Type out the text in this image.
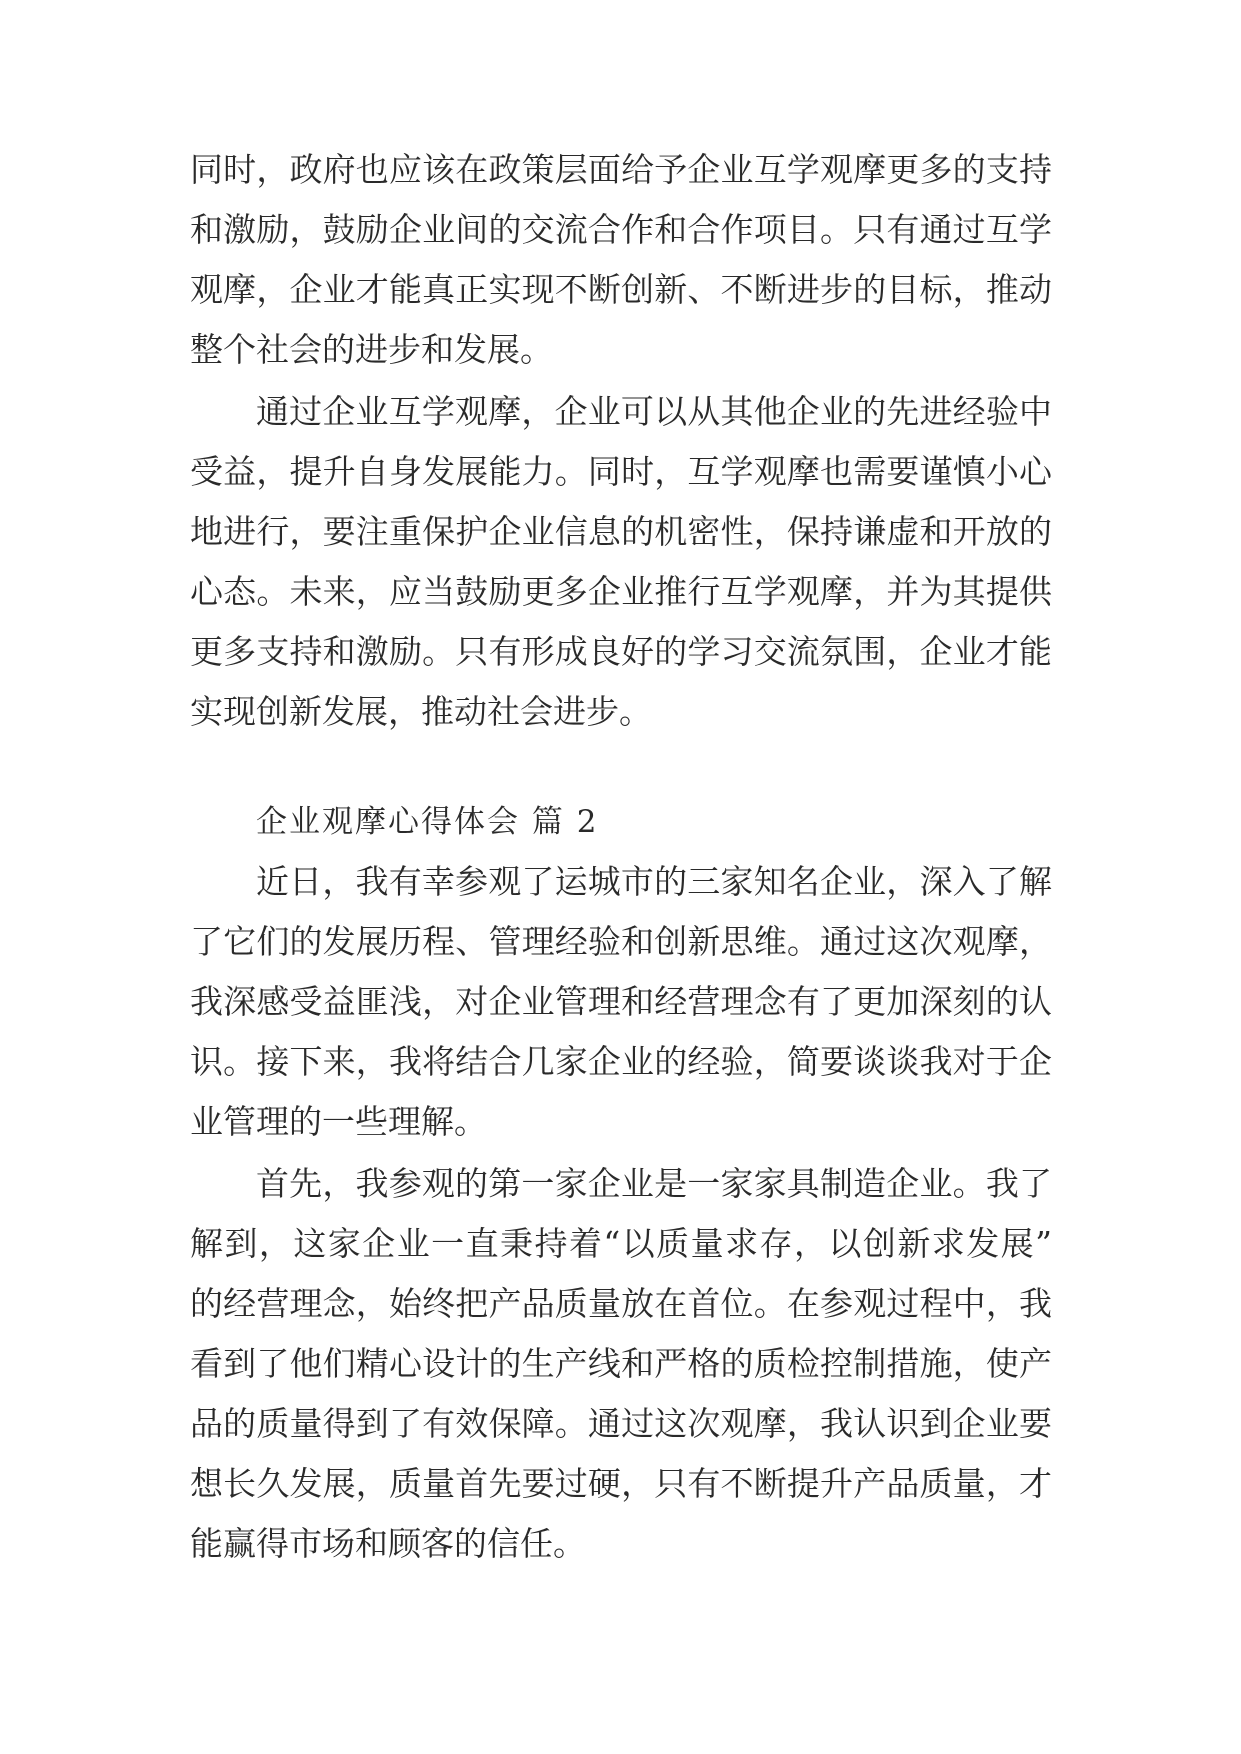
同时，政府也应该在政策层面给予企业互学观摩更多的支持
和激励，鼓励企业间的交流合作和合作项目。只有通过互学
观摩，企业才能真正实现不断创新、不断进步的目标，推动
整个社会的进步和发展。
通过企业互学观摩，企业可以从其他企业的先进经验中
受益，提升自身发展能力。同时，互学观摩也需要谨慎小心
地进行，要注重保护企业信息的机密性，保持谦虚和开放的
心态。未来，应当鼓励更多企业推行互学观摩，并为其提供
更多支持和激励。只有形成良好的学习交流氛围，企业才能
实现创新发展，推动社会进步。
企业观摩心得体会 篇 2
近日，我有幸参观了运城市的三家知名企业，深入了解
了它们的发展历程、管理经验和创新思维。通过这次观摩，
我深感受益匪浅，对企业管理和经营理念有了更加深刻的认
识。接下来，我将结合几家企业的经验，简要谈谈我对于企
业管理的一些理解。
首先，我参观的第一家企业是一家家具制造企业。我了
解到，这家企业一直秉持着“以质量求存，以创新求发展”
的经营理念，始终把产品质量放在首位。在参观过程中，我
看到了他们精心设计的生产线和严格的质检控制措施，使产
品的质量得到了有效保障。通过这次观摩，我认识到企业要
想长久发展，质量首先要过硬，只有不断提升产品质量，才
能赢得市场和顾客的信任。
